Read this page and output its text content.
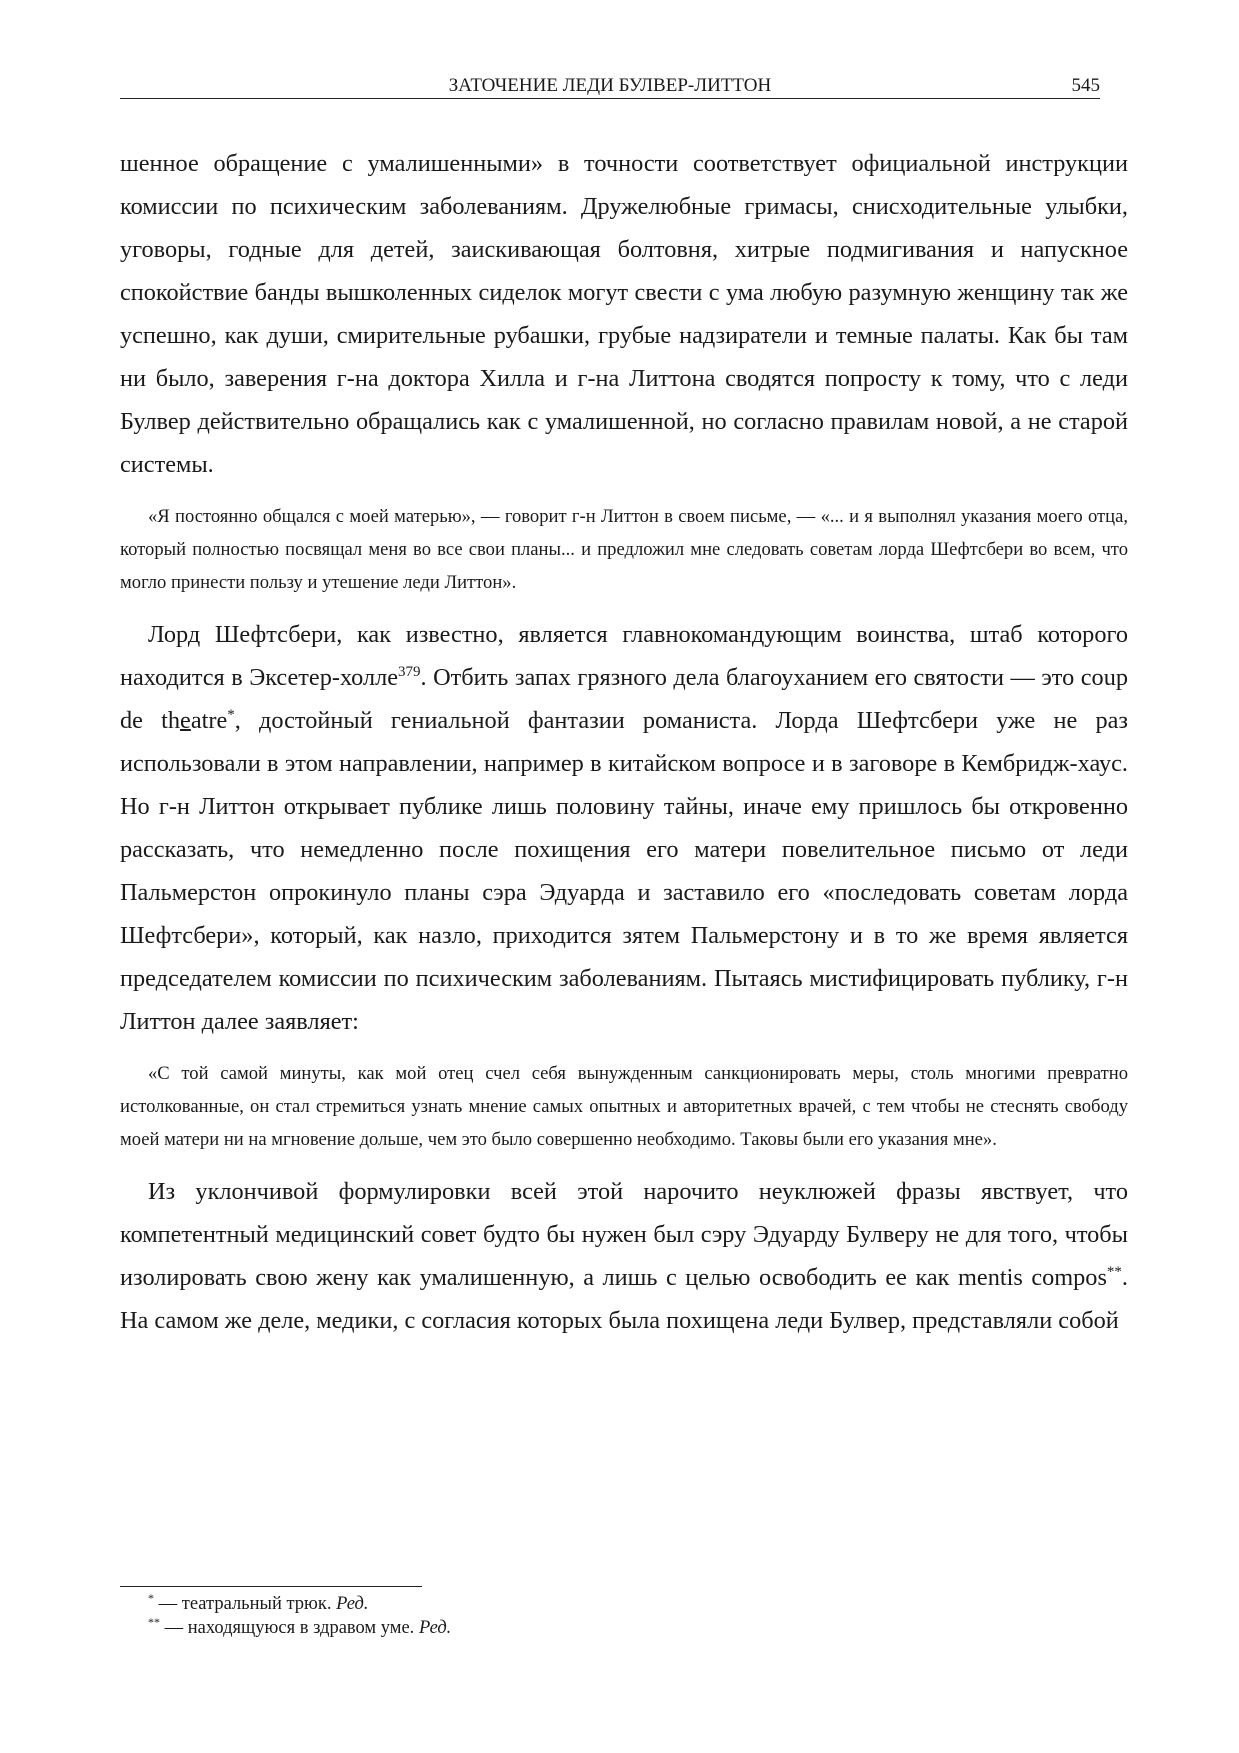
ЗАТОЧЕНИЕ ЛЕДИ БУЛВЕР-ЛИТТОН	545

шенное обращение с умалишенными» в точности соответствует официальной инструкции комиссии по психическим заболеваниям. Дружелюбные гримасы, снисходительные улыбки, уговоры, годные для детей, заискивающая болтовня, хитрые подмигивания и напускное спокойствие банды вышколенных сиделок могут свести с ума любую разумную женщину так же успешно, как души, смирительные рубашки, грубые надзиратели и темные палаты. Как бы там ни было, заверения г-на доктора Хилла и г-на Литтона сводятся попросту к тому, что с леди Булвер действительно обращались как с умалишенной, но согласно правилам новой, а не старой системы.

«Я постоянно общался с моей матерью», — говорит г-н Литтон в своем письме, — «... и я выполнял указания моего отца, который полностью посвящал меня во все свои планы... и предложил мне следовать советам лорда Шефтсбери во всем, что могло принести пользу и утешение леди Литтон».

Лорд Шефтсбери, как известно, является главнокомандующим воинства, штаб которого находится в Эксетер-холле$^{379}$. Отбить запах грязного дела благоуханием его святости — это coup de theatre*, достойный гениальной фантазии романиста. Лорда Шефтсбери уже не раз использовали в этом направлении, например в китайском вопросе и в заговоре в Кембридж-хаус. Но г-н Литтон открывает публике лишь половину тайны, иначе ему пришлось бы откровенно рассказать, что немедленно после похищения его матери повелительное письмо от леди Пальмерстон опрокинуло планы сэра Эдуарда и заставило его «последовать советам лорда Шефтсбери», который, как назло, приходится зятем Пальмерстону и в то же время является председателем комиссии по психическим заболеваниям. Пытаясь мистифицировать публику, г-н Литтон далее заявляет:

«С той самой минуты, как мой отец счел себя вынужденным санкционировать меры, столь многими превратно истолкованные, он стал стремиться узнать мнение самых опытных и авторитетных врачей, с тем чтобы не стеснять свободу моей матери ни на мгновение дольше, чем это было совершенно необходимо. Таковы были его указания мне».

Из уклончивой формулировки всей этой нарочито неуклюжей фразы явствует, что компетентный медицинский совет будто бы нужен был сэру Эдуарду Булверу не для того, чтобы изолировать свою жену как умалишенную, а лишь с целью освободить ее как mentis compos**. На самом же деле, медики, с согласия которых была похищена леди Булвер, представляли собой

* — театральный трюк. Ред.

** — находящуюся в здравом уме. Ред.
